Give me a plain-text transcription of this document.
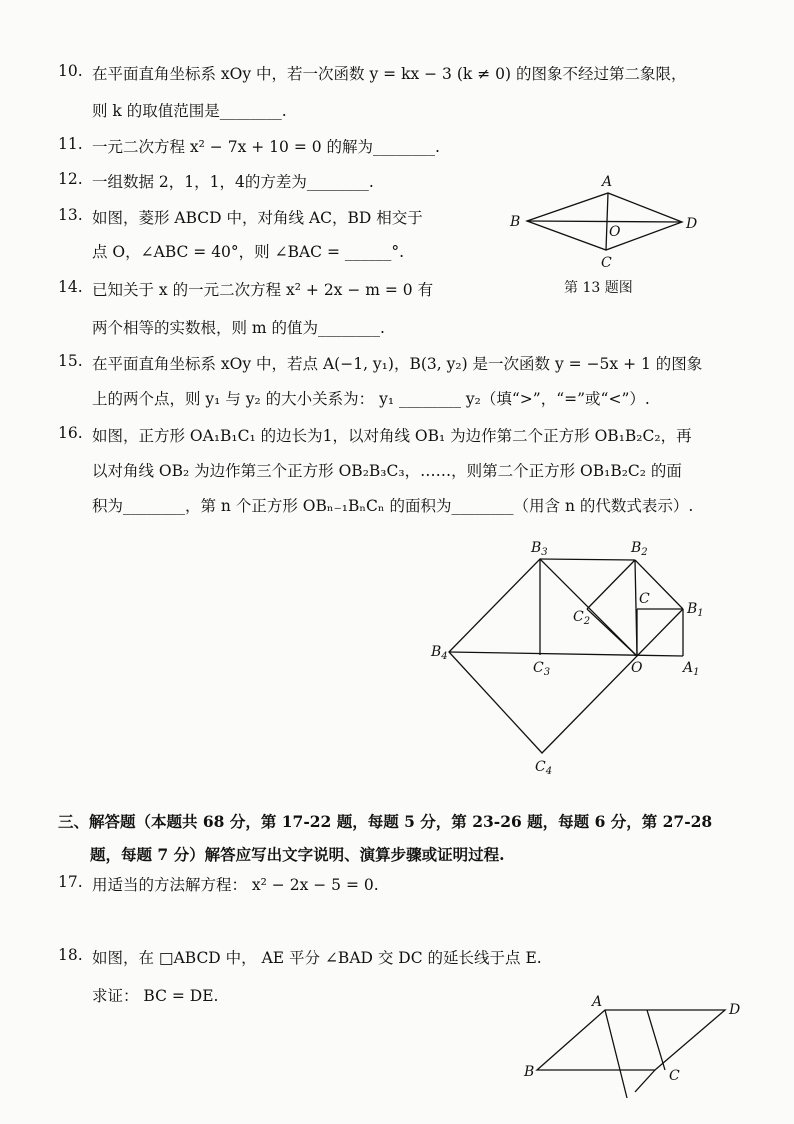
10. 在平面直角坐标系 xOy 中，若一次函数 y = kx − 3 (k ≠ 0) 的图象不经过第二象限，
则 k 的取值范围是________.
11. 一元二次方程 x² − 7x + 10 = 0 的解为________.
12. 一组数据 2，1，1，4的方差为________.
13. 如图，菱形 ABCD 中，对角线 AC，BD 相交于
点 O，∠ABC = 40°，则 ∠BAC = ______°.
14. 已知关于 x 的一元二次方程 x² + 2x − m = 0 有
两个相等的实数根，则 m 的值为________.
15. 在平面直角坐标系 xOy 中，若点 A(−1, y₁)，B(3, y₂) 是一次函数 y = −5x + 1 的图象
上的两个点，则 y₁ 与 y₂ 的大小关系为： y₁ ________ y₂（填“>”，“=”或“<”）.
16. 如图，正方形 OA₁B₁C₁ 的边长为1，以对角线 OB₁ 为边作第二个正方形 OB₁B₂C₂，再
以对角线 OB₂ 为边作第三个正方形 OB₂B₃C₃，……，则第二个正方形 OB₁B₂C₂ 的面
积为________，第 n 个正方形 OBₙ₋₁BₙCₙ 的面积为________（用含 n 的代数式表示）.
A
B	D
O
C
第 13 题图
$B_3$	$B_2$
$B_1$
C
$C_2$
$B_4$
$C_3$	O	$A_1$
$C_4$
三、解答题（本题共 68 分，第 17-22 题，每题 5 分，第 23-26 题，每题 6 分，第 27-28
题，每题 7 分）解答应写出文字说明、演算步骤或证明过程.
17. 用适当的方法解方程： x² − 2x − 5 = 0.
18. 如图，在 □ABCD 中， AE 平分 ∠BAD 交 DC 的延长线于点 E.
求证： BC = DE.	A	D
B	C
